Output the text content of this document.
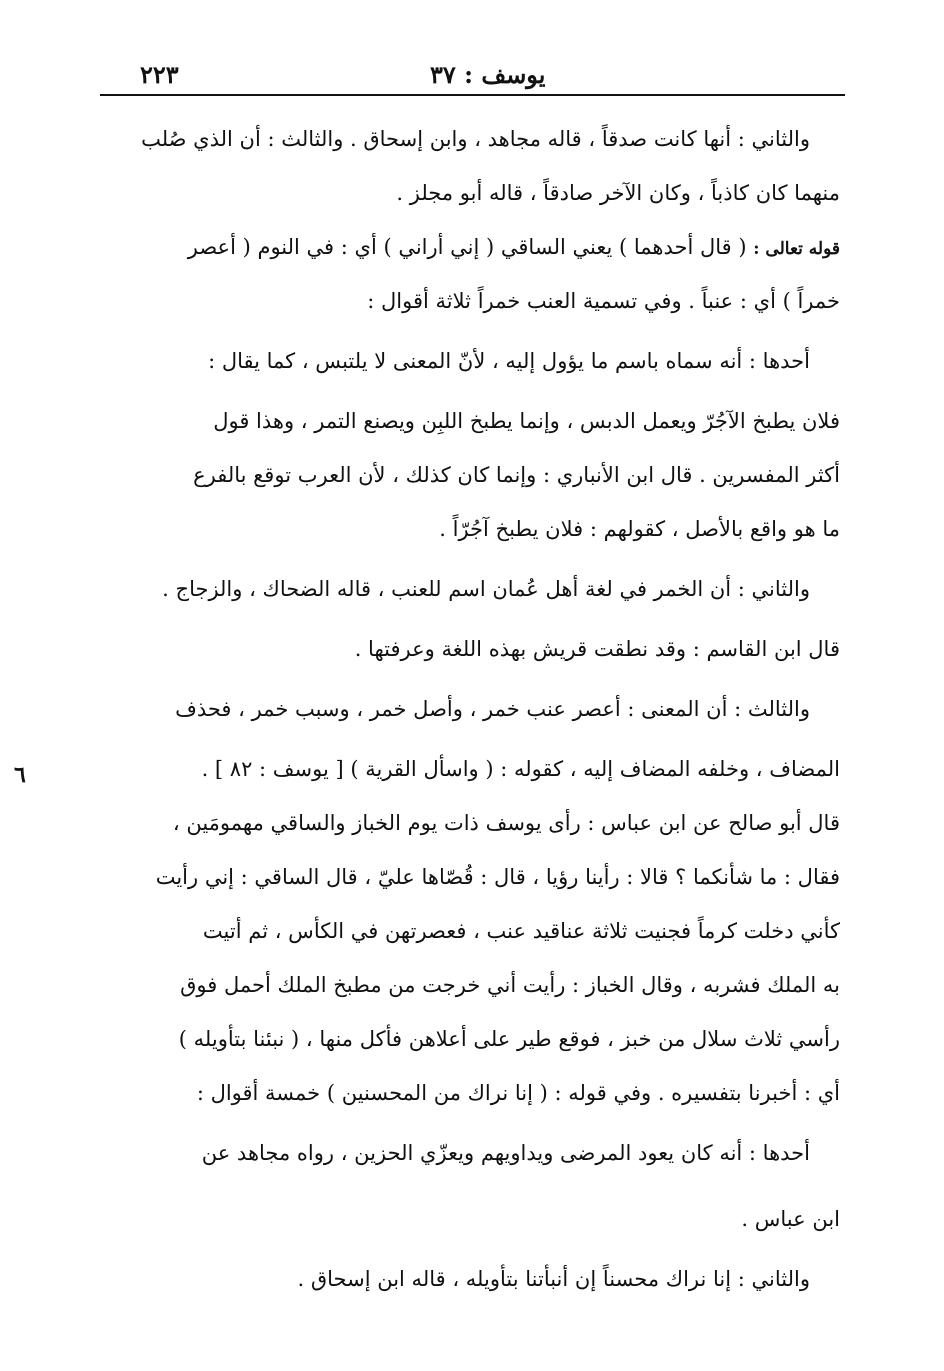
يوسف : ٣٧
٢٢٣
٦
والثاني : أنها كانت صدقاً ، قاله مجاهد ، وابن إسحاق . والثالث : أن الذي صُلب
منهما كان كاذباً ، وكان الآخر صادقاً ، قاله أبو مجلز .
قوله تعالى : ( قال أحدهما ) يعني الساقي ( إني أراني ) أي : في النوم ( أعصر
خمراً ) أي : عنباً . وفي تسمية العنب خمراً ثلاثة أقوال :
أحدها : أنه سماه باسم ما يؤول إليه ، لأنّ المعنى لا يلتبس ، كما يقال :
فلان يطبخ الآجُرّ ويعمل الدبس ، وإنما يطبخ اللبِن ويصنع التمر ، وهذا قول
أكثر المفسرين . قال ابن الأنباري : وإنما كان كذلك ، لأن العرب توقع بالفرع
ما هو واقع بالأصل ، كقولهم : فلان يطبخ آجُرّاً .
والثاني : أن الخمر في لغة أهل عُمان اسم للعنب ، قاله الضحاك ، والزجاج .
قال ابن القاسم : وقد نطقت قريش بهذه اللغة وعرفتها .
والثالث : أن المعنى : أعصر عنب خمر ، وأصل خمر ، وسبب خمر ، فحذف
المضاف ، وخلفه المضاف إليه ، كقوله : ( واسأل القرية ) [ يوسف : ٨٢ ] .
قال أبو صالح عن ابن عباس : رأى يوسف ذات يوم الخباز والساقي مهمومَين ،
فقال : ما شأنكما ؟ قالا : رأينا رؤيا ، قال : قُصّاها عليّ ، قال الساقي : إني رأيت
كأني دخلت كرماً فجنيت ثلاثة عناقيد عنب ، فعصرتهن في الكأس ، ثم أتيت
به الملك فشربه ، وقال الخباز : رأيت أني خرجت من مطبخ الملك أحمل فوق
رأسي ثلاث سلال من خبز ، فوقع طير على أعلاهن فأكل منها ، ( نبئنا بتأويله )
أي : أخبرنا بتفسيره . وفي قوله : ( إنا نراك من المحسنين ) خمسة أقوال :
أحدها : أنه كان يعود المرضى ويداويهم ويعزّي الحزين ، رواه مجاهد عن
ابن عباس .
والثاني : إنا نراك محسناً إن أنبأتنا بتأويله ، قاله ابن إسحاق .
